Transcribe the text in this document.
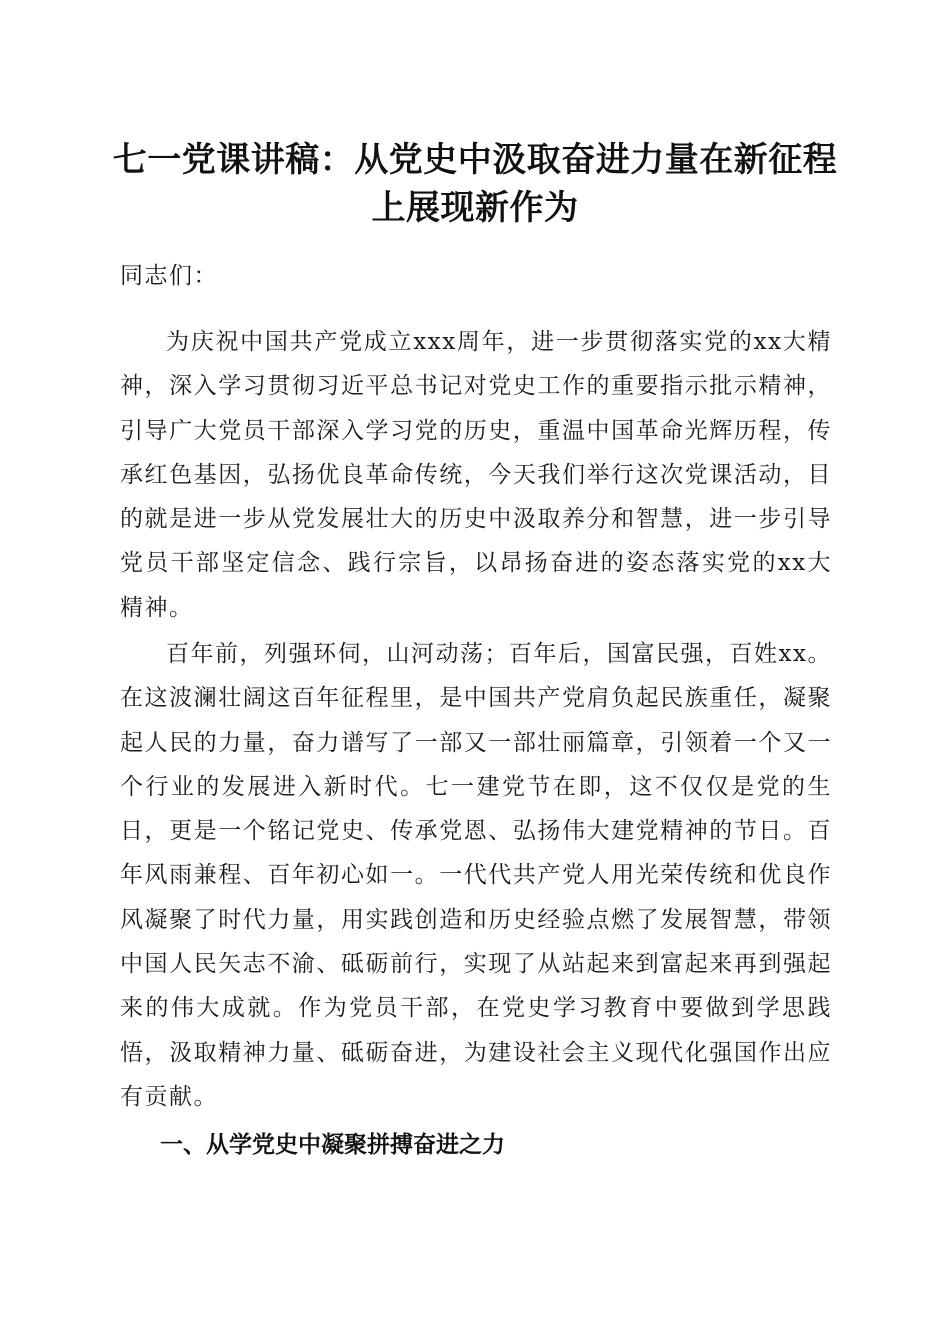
七一党课讲稿：从党史中汲取奋进力量在新征程上展现新作为

同志们：

为庆祝中国共产党成立xxx周年，进一步贯彻落实党的xx大精神，深入学习贯彻习近平总书记对党史工作的重要指示批示精神，引导广大党员干部深入学习党的历史，重温中国革命光辉历程，传承红色基因，弘扬优良革命传统，今天我们举行这次党课活动，目的就是进一步从党发展壮大的历史中汲取养分和智慧，进一步引导党员干部坚定信念、践行宗旨，以昂扬奋进的姿态落实党的xx大精神。

百年前，列强环伺，山河动荡；百年后，国富民强，百姓xx。在这波澜壮阔这百年征程里，是中国共产党肩负起民族重任，凝聚起人民的力量，奋力谱写了一部又一部壮丽篇章，引领着一个又一个行业的发展进入新时代。七一建党节在即，这不仅仅是党的生日，更是一个铭记党史、传承党恩、弘扬伟大建党精神的节日。百年风雨兼程、百年初心如一。一代代共产党人用光荣传统和优良作风凝聚了时代力量，用实践创造和历史经验点燃了发展智慧，带领中国人民矢志不渝、砥砺前行，实现了从站起来到富起来再到强起来的伟大成就。作为党员干部，在党史学习教育中要做到学思践悟，汲取精神力量、砥砺奋进，为建设社会主义现代化强国作出应有贡献。

一、从学党史中凝聚拼搏奋进之力
